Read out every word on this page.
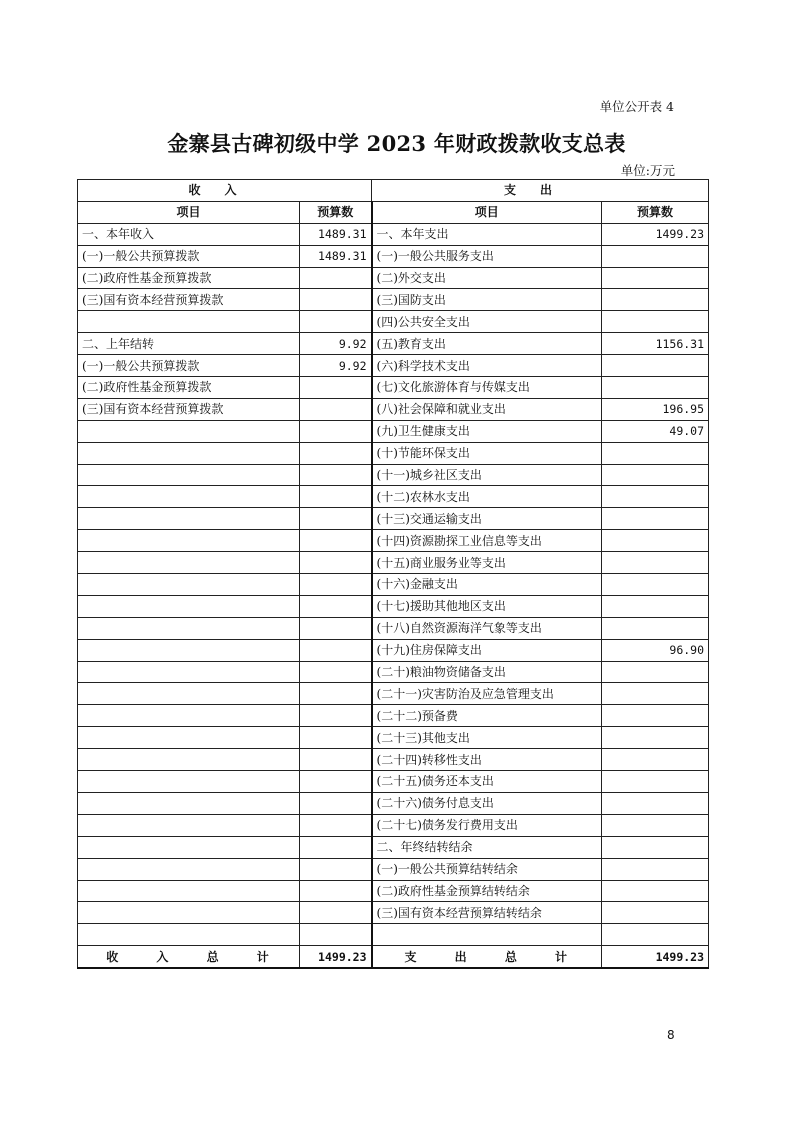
单位公开表 4
金寨县古碑初级中学 2023 年财政拨款收支总表
单位:万元
收入		支出	
项目	预算数	项目	预算数
一、本年收入	1489.31	一、本年支出	1499.23
(一)一般公共预算拨款	1489.31	(一)一般公共服务支出	
(二)政府性基金预算拨款		(二)外交支出	
(三)国有资本经营预算拨款		(三)国防支出	
		(四)公共安全支出	
二、上年结转	9.92	(五)教育支出	1156.31
(一)一般公共预算拨款	9.92	(六)科学技术支出	
(二)政府性基金预算拨款		(七)文化旅游体育与传媒支出	
(三)国有资本经营预算拨款		(八)社会保障和就业支出	196.95
		(九)卫生健康支出	49.07
		(十)节能环保支出	
		(十一)城乡社区支出	
		(十二)农林水支出	
		(十三)交通运输支出	
		(十四)资源勘探工业信息等支出	
		(十五)商业服务业等支出	
		(十六)金融支出	
		(十七)援助其他地区支出	
		(十八)自然资源海洋气象等支出	
		(十九)住房保障支出	96.90
		(二十)粮油物资储备支出	
		(二十一)灾害防治及应急管理支出	
		(二十二)预备费	
		(二十三)其他支出	
		(二十四)转移性支出	
		(二十五)债务还本支出	
		(二十六)债务付息支出	
		(二十七)债务发行费用支出	
		二、年终结转结余	
		(一)一般公共预算结转结余	
		(二)政府性基金预算结转结余	
		(三)国有资本经营预算结转结余	

收 入 总 计	1499.23	支 出 总 计	1499.23
8
